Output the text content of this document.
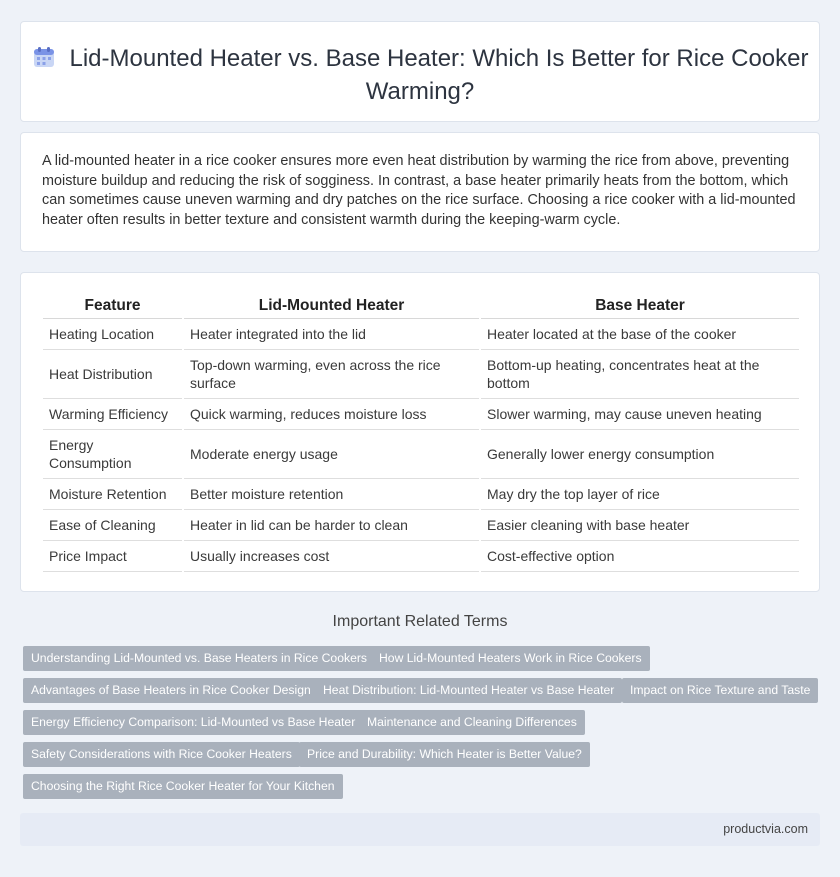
Lid-Mounted Heater vs. Base Heater: Which Is Better for Rice Cooker Warming?

A lid-mounted heater in a rice cooker ensures more even heat distribution by warming the rice from above, preventing moisture buildup and reducing the risk of sogginess. In contrast, a base heater primarily heats from the bottom, which can sometimes cause uneven warming and dry patches on the rice surface. Choosing a rice cooker with a lid-mounted heater often results in better texture and consistent warmth during the keeping-warm cycle.

Feature	Lid-Mounted Heater	Base Heater
Heating Location	Heater integrated into the lid	Heater located at the base of the cooker
Heat Distribution	Top-down warming, even across the rice surface	Bottom-up heating, concentrates heat at the bottom
Warming Efficiency	Quick warming, reduces moisture loss	Slower warming, may cause uneven heating
Energy Consumption	Moderate energy usage	Generally lower energy consumption
Moisture Retention	Better moisture retention	May dry the top layer of rice
Ease of Cleaning	Heater in lid can be harder to clean	Easier cleaning with base heater
Price Impact	Usually increases cost	Cost-effective option
Important Related Terms
Understanding Lid-Mounted vs. Base Heaters in Rice Cookers How Lid-Mounted Heaters Work in Rice Cookers
Advantages of Base Heaters in Rice Cooker Design	Heat Distribution: Lid-Mounted Heater vs Base Heater	Impact on Rice Texture and Taste
Energy Efficiency Comparison: Lid-Mounted vs Base Heater Maintenance and Cleaning Differences
Safety Considerations with Rice Cooker Heaters	Price and Durability: Which Heater is Better Value?
Choosing the Right Rice Cooker Heater for Your Kitchen
productvia.com
